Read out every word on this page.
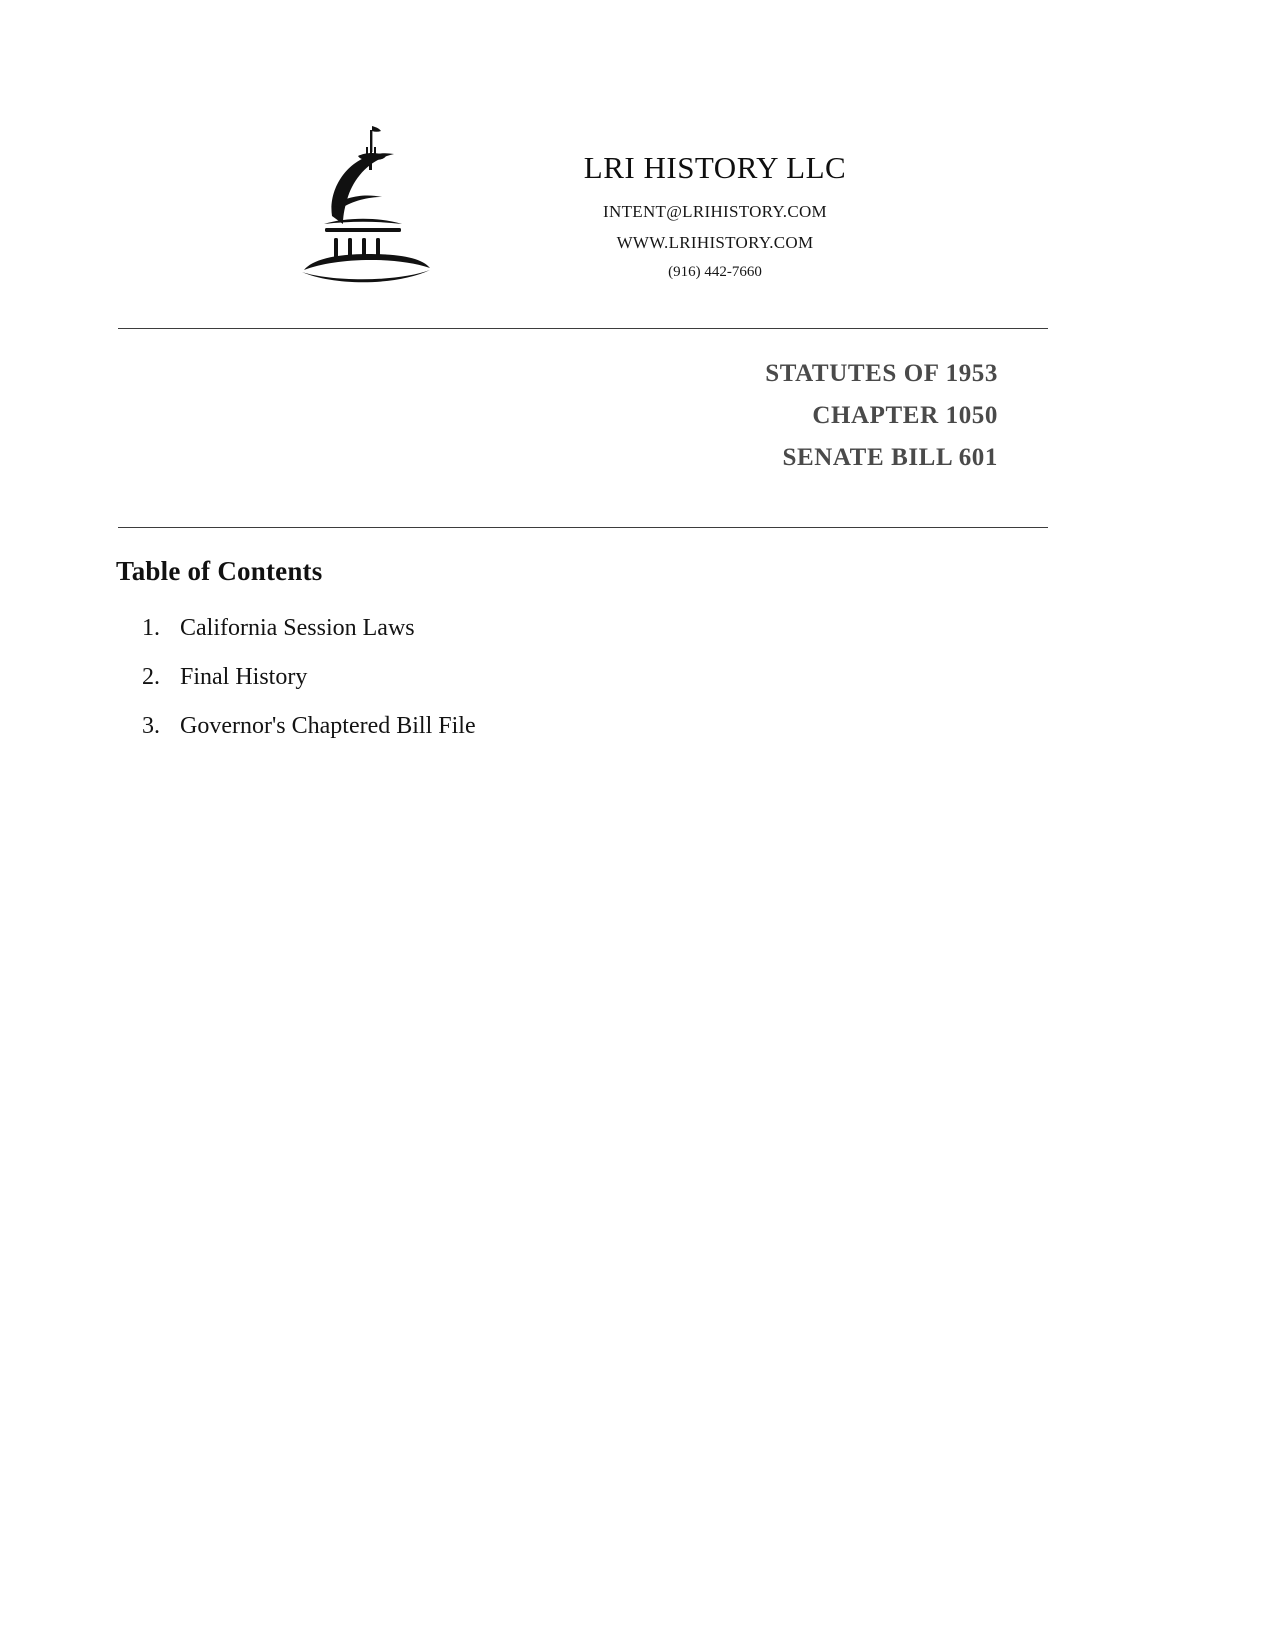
LRI HISTORY LLC
INTENT@LRIHISTORY.COM
WWW.LRIHISTORY.COM
(916) 442-7660
STATUTES OF 1953
CHAPTER 1050
SENATE BILL 601
Table of Contents
1. California Session Laws
2. Final History
3. Governor's Chaptered Bill File
